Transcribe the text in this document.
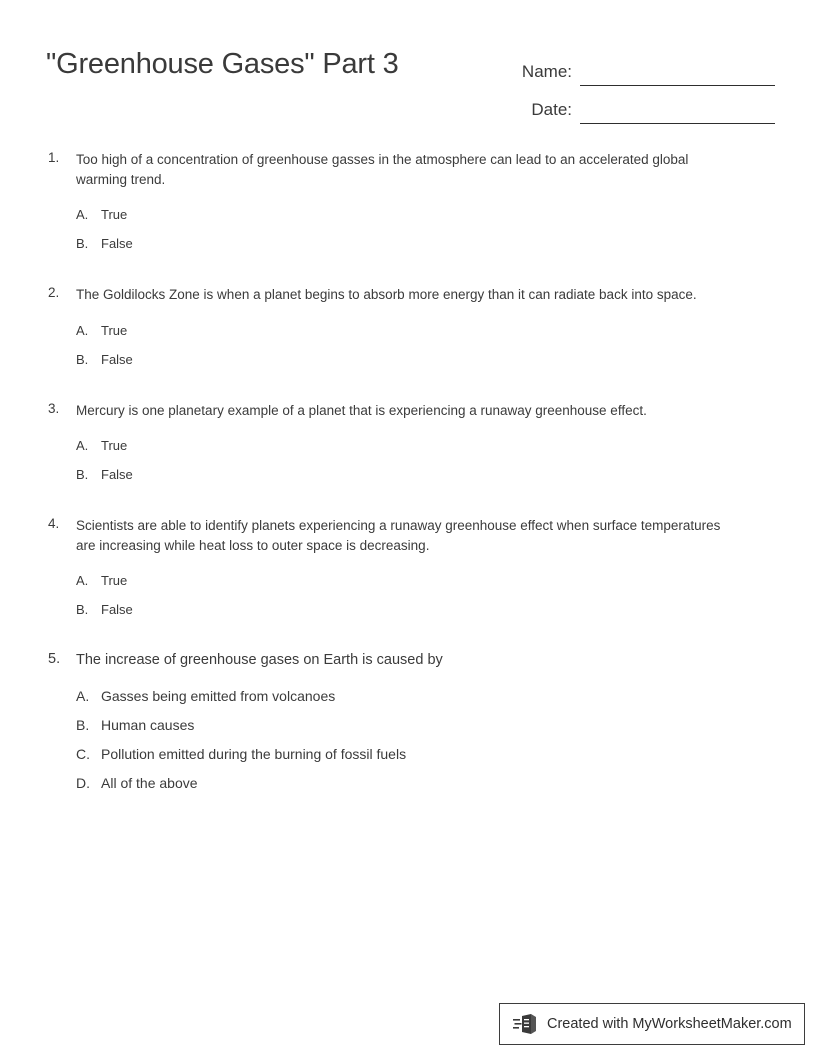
"Greenhouse Gases" Part 3	Name:
Date:
1.	Too high of a concentration of greenhouse gasses in the atmosphere can lead to an accelerated global warming trend.
A. True
B. False
2.	The Goldilocks Zone is when a planet begins to absorb more energy than it can radiate back into space.
A. True
B. False
3.	Mercury is one planetary example of a planet that is experiencing a runaway greenhouse effect.
A. True
B. False
4.	Scientists are able to identify planets experiencing a runaway greenhouse effect when surface temperatures are increasing while heat loss to outer space is decreasing.
A. True
B. False
5.	The increase of greenhouse gases on Earth is caused by
A. Gasses being emitted from volcanoes
B. Human causes
C. Pollution emitted during the burning of fossil fuels
D. All of the above
Created with MyWorksheetMaker.com
